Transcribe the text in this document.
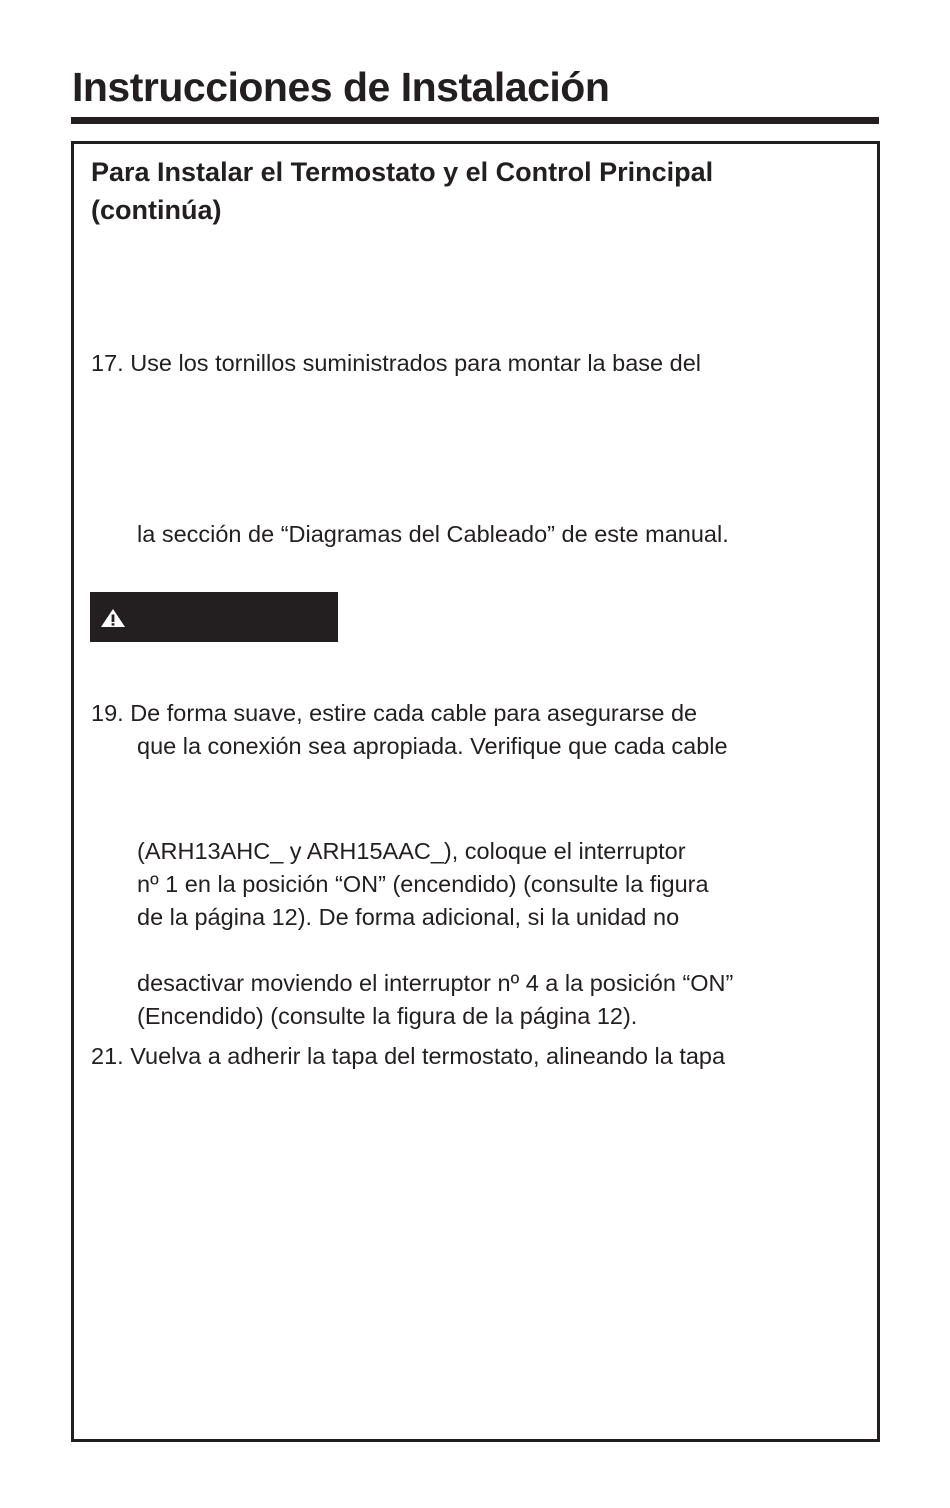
Instrucciones de Instalación
Para Instalar el Termostato y el Control Principal (continúa)
17. Use los tornillos suministrados para montar la base del
la sección de “Diagramas del Cableado” de este manual.
19. De forma suave, estire cada cable para asegurarse de
que la conexión sea apropiada. Verifique que cada cable
(ARH13AHC_ y ARH15AAC_), coloque el interruptor
nº 1 en la posición “ON” (encendido) (consulte la figura
de la página 12). De forma adicional, si la unidad no
desactivar moviendo el interruptor nº 4 a la posición “ON”
(Encendido) (consulte la figura de la página 12).
21. Vuelva a adherir la tapa del termostato, alineando la tapa
